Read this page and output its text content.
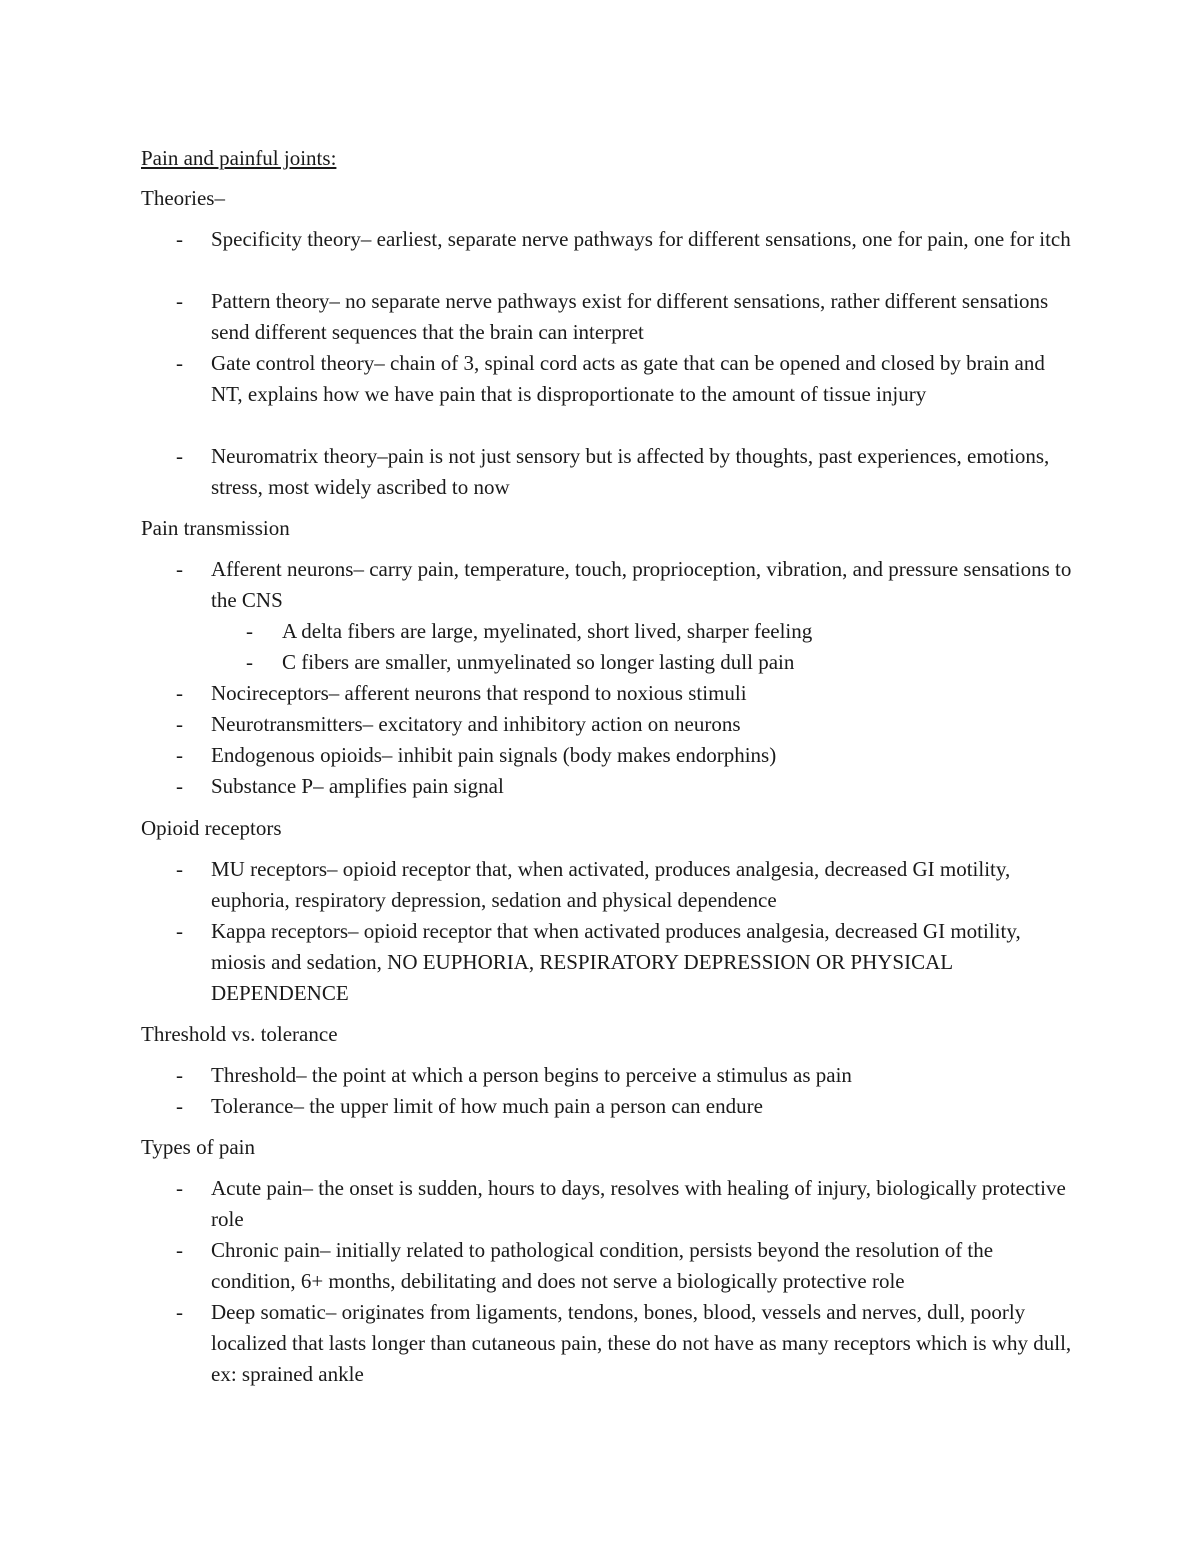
Pain and painful joints:
Theories–
- Specificity theory– earliest, separate nerve pathways for different sensations, one for pain, one for itch
- Pattern theory– no separate nerve pathways exist for different sensations, rather different sensations send different sequences that the brain can interpret
- Gate control theory– chain of 3, spinal cord acts as gate that can be opened and closed by brain and NT, explains how we have pain that is disproportionate to the amount of tissue injury
- Neuromatrix theory–pain is not just sensory but is affected by thoughts, past experiences, emotions, stress, most widely ascribed to now
Pain transmission
- Afferent neurons– carry pain, temperature, touch, proprioception, vibration, and pressure sensations to the CNS
- A delta fibers are large, myelinated, short lived, sharper feeling
- C fibers are smaller, unmyelinated so longer lasting dull pain
- Nocireceptors– afferent neurons that respond to noxious stimuli
- Neurotransmitters– excitatory and inhibitory action on neurons
- Endogenous opioids– inhibit pain signals (body makes endorphins)
- Substance P– amplifies pain signal
Opioid receptors
- MU receptors– opioid receptor that, when activated, produces analgesia, decreased GI motility, euphoria, respiratory depression, sedation and physical dependence
- Kappa receptors– opioid receptor that when activated produces analgesia, decreased GI motility, miosis and sedation, NO EUPHORIA, RESPIRATORY DEPRESSION OR PHYSICAL DEPENDENCE
Threshold vs. tolerance
- Threshold– the point at which a person begins to perceive a stimulus as pain
- Tolerance– the upper limit of how much pain a person can endure
Types of pain
- Acute pain– the onset is sudden, hours to days, resolves with healing of injury, biologically protective role
- Chronic pain– initially related to pathological condition, persists beyond the resolution of the condition, 6+ months, debilitating and does not serve a biologically protective role
- Deep somatic– originates from ligaments, tendons, bones, blood, vessels and nerves, dull, poorly localized that lasts longer than cutaneous pain, these do not have as many receptors which is why dull, ex: sprained ankle
